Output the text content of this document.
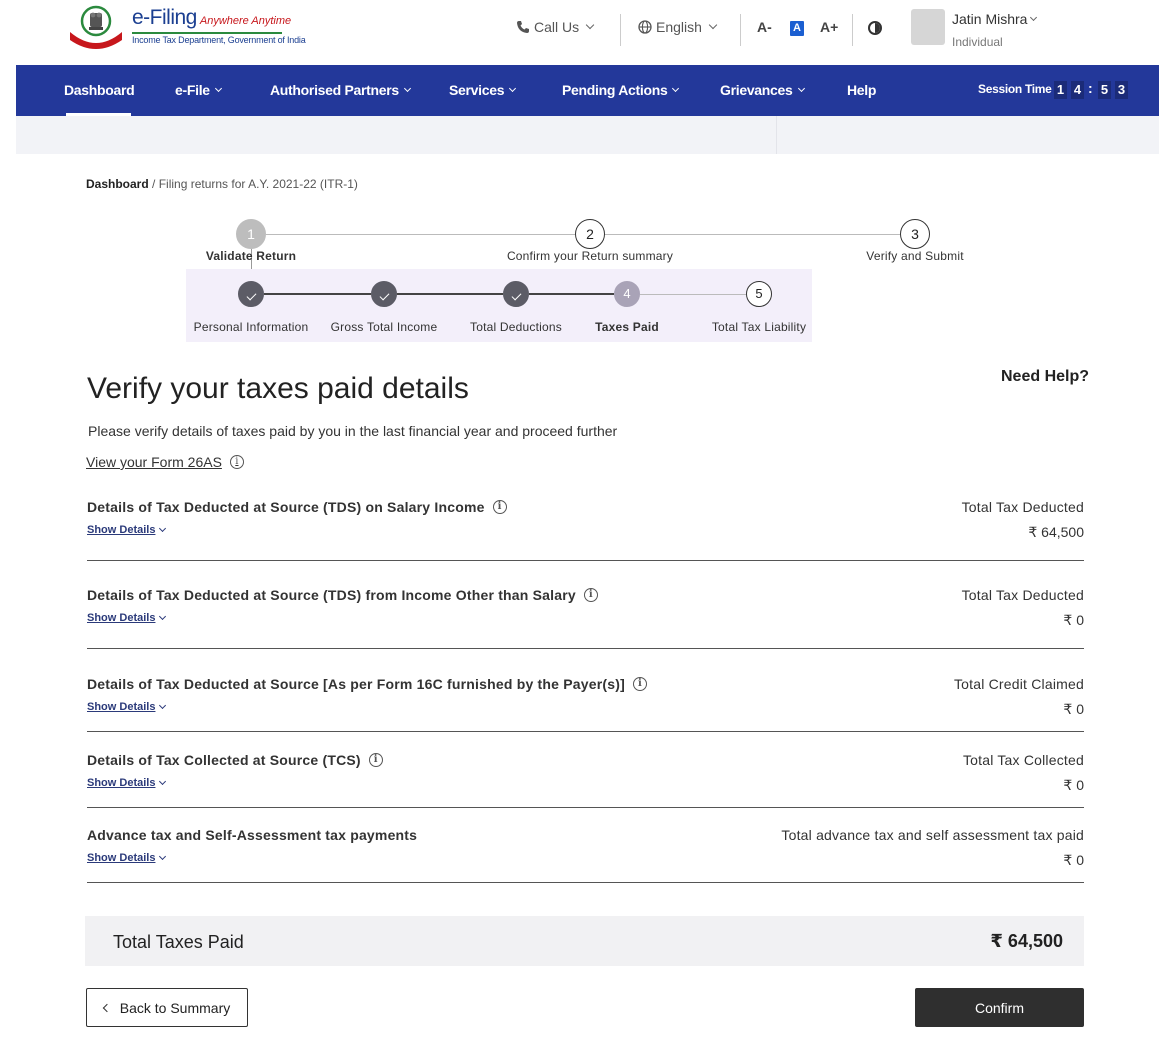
e-Filing Anywhere Anytime
Income Tax Department, Government of India
Call Us	English	A- A A+	Jatin Mishra
Individual
Dashboard	e-File	Authorised Partners	Services	Pending Actions	Grievances	Help	Session Time 1 4 : 5 3
Dashboard / Filing returns for A.Y. 2021-22 (ITR-1)
1	2	3
Validate Return	Confirm your Return summary	Verify and Submit
4	5
Personal Information Gross Total Income	Total Deductions	Taxes Paid	Total Tax Liability
Verify your taxes paid details	Need Help?
Please verify details of taxes paid by you in the last financial year and proceed further
View your Form 26AS	i
Details of Tax Deducted at Source (TDS) on Salary Income	i
Show Details
Total Tax Deducted
₹ 64,500
Details of Tax Deducted at Source (TDS) from Income Other than Salary	i
Show Details
Total Tax Deducted
₹ 0
Details of Tax Deducted at Source [As per Form 16C furnished by the Payer(s)]	i
Show Details
Total Credit Claimed
₹ 0
Details of Tax Collected at Source (TCS)	i
Show Details
Total Tax Collected
₹ 0
Advance tax and Self-Assessment tax payments
Show Details
Total advance tax and self assessment tax paid
₹ 0
Total Taxes Paid	₹ 64,500
Back to Summary	Confirm
